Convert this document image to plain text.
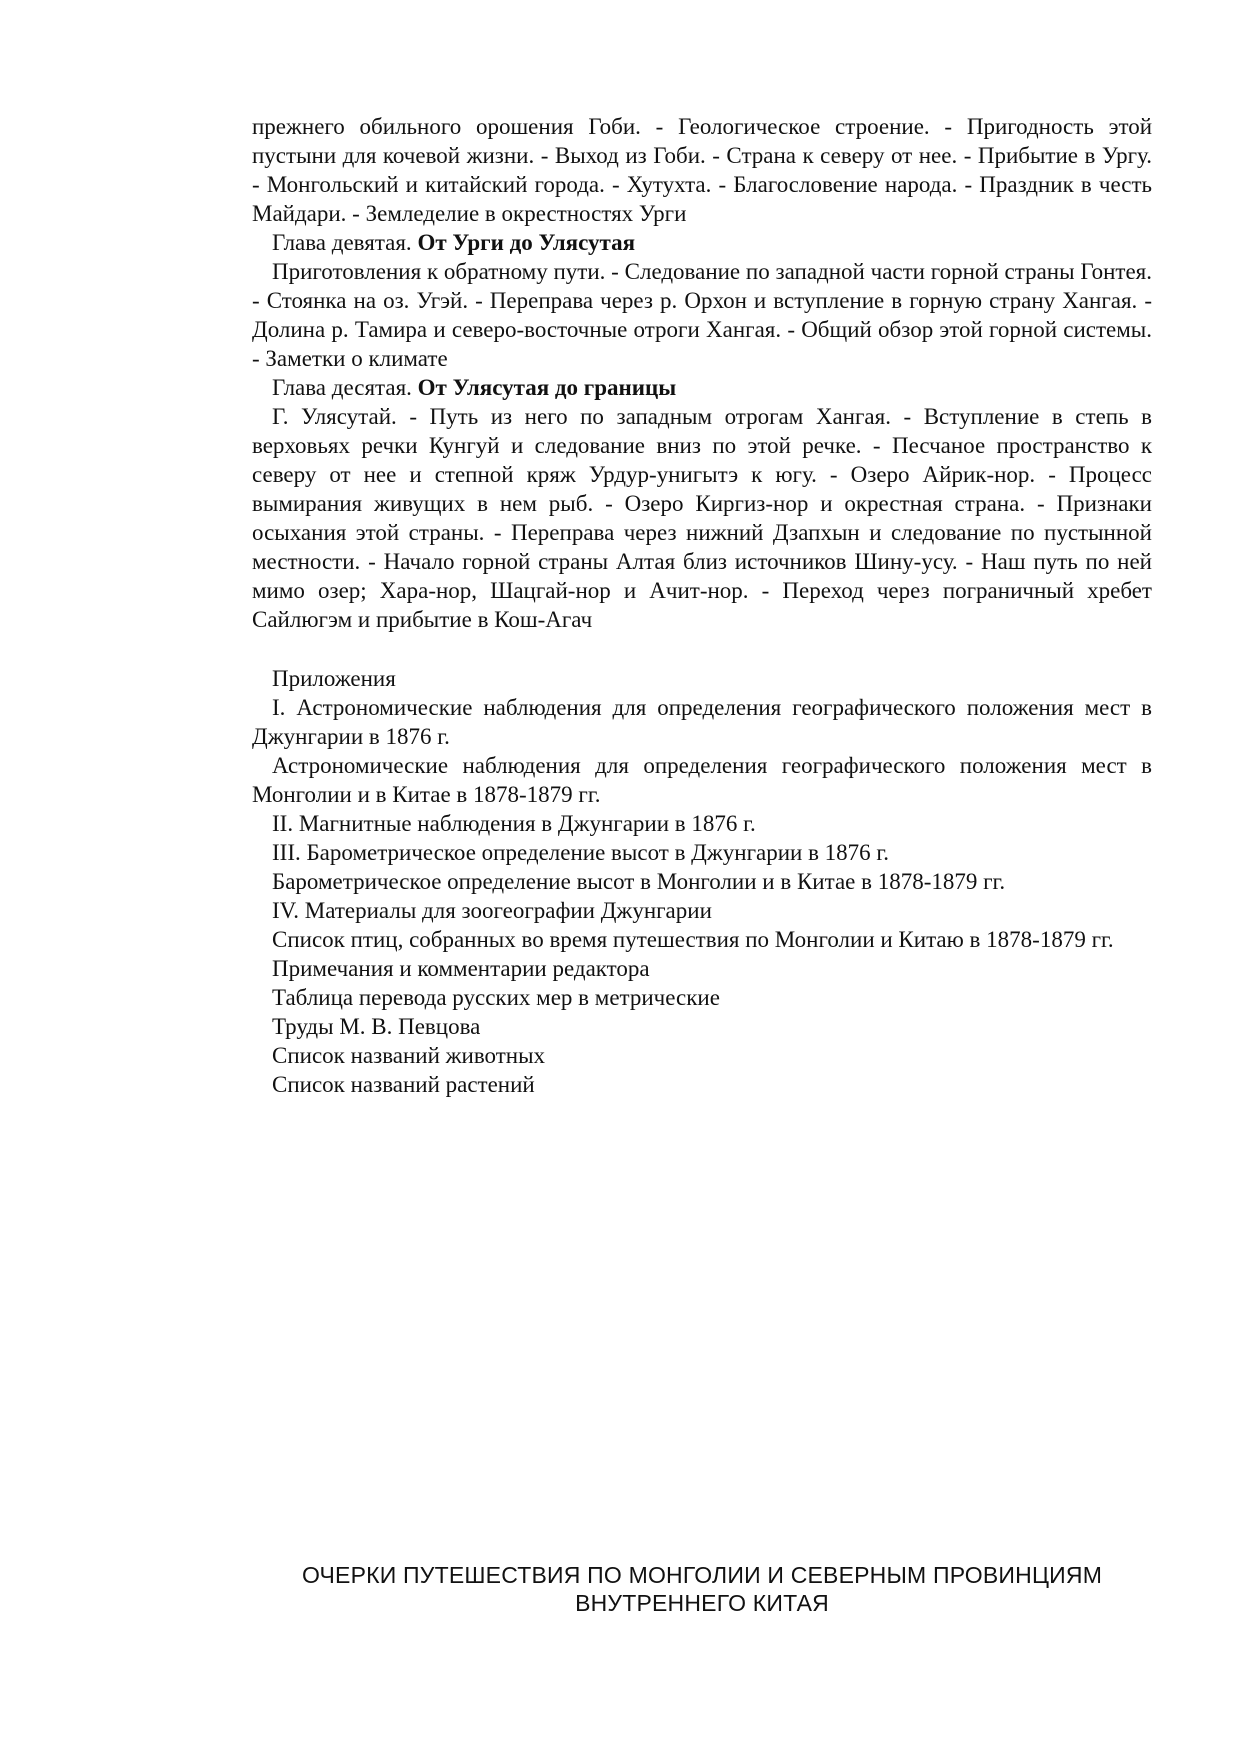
прежнего обильного орошения Гоби. - Геологическое строение. - Пригодность этой пустыни для кочевой жизни. - Выход из Гоби. - Страна к северу от нее. - Прибытие в Ургу. - Монгольский и китайский города. - Хутухта. - Благословение народа. - Праздник в честь Майдари. - Земледелие в окрестностях Урги

Глава девятая. От Урги до Улясутая

Приготовления к обратному пути. - Следование по западной части горной страны Гонтея. - Стоянка на оз. Угэй. - Переправа через р. Орхон и вступление в горную страну Хангая. - Долина р. Тамира и северо-восточные отроги Хангая. - Общий обзор этой горной системы. - Заметки о климате

Глава десятая. От Улясутая до границы

Г. Улясутай. - Путь из него по западным отрогам Хангая. - Вступление в степь в верховьях речки Кунгуй и следование вниз по этой речке. - Песчаное пространство к северу от нее и степной кряж Урдур-унигытэ к югу. - Озеро Айрик-нор. - Процесс вымирания живущих в нем рыб. - Озеро Киргиз-нор и окрестная страна. - Признаки осыхания этой страны. - Переправа через нижний Дзапхын и следование по пустынной местности. - Начало горной страны Алтая близ источников Шину-усу. - Наш путь по ней мимо озер; Хара-нор, Шацгай-нор и Ачит-нор. - Переход через пограничный хребет Сайлюгэм и прибытие в Кош-Агач

Приложения

I. Астрономические наблюдения для определения географического положения мест в Джунгарии в 1876 г.

Астрономические наблюдения для определения географического положения мест в Монголии и в Китае в 1878-1879 гг.

II. Магнитные наблюдения в Джунгарии в 1876 г.

III. Барометрическое определение высот в Джунгарии в 1876 г.

Барометрическое определение высот в Монголии и в Китае в 1878-1879 гг.

IV. Материалы для зоогеографии Джунгарии

Список птиц, собранных во время путешествия по Монголии и Китаю в 1878-1879 гг.

Примечания и комментарии редактора

Таблица перевода русских мер в метрические

Труды М. В. Певцова

Список названий животных

Список названий растений

ОЧЕРКИ ПУТЕШЕСТВИЯ ПО МОНГОЛИИ И СЕВЕРНЫМ ПРОВИНЦИЯМ
ВНУТРЕННЕГО КИТАЯ
